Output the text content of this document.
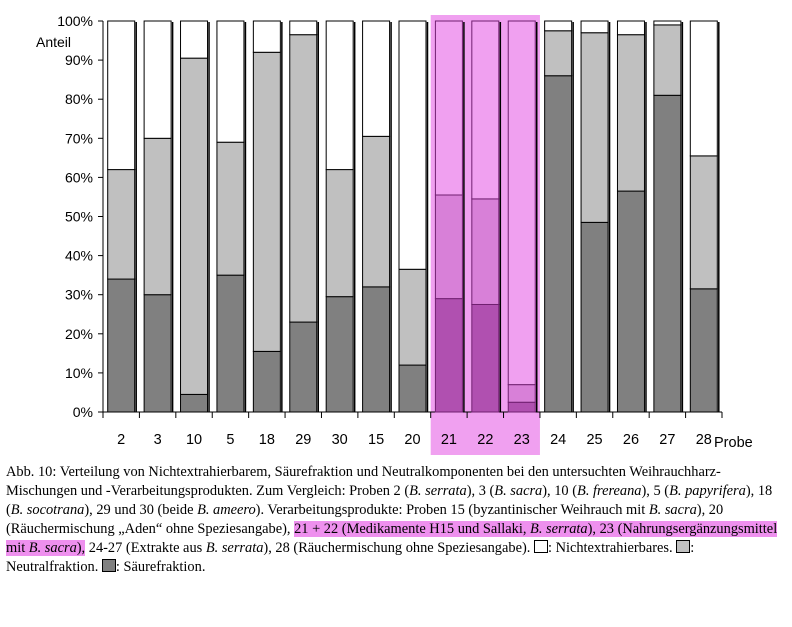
0%
10%
20%
30%
40%
50%
60%
70%
80%
90%
100%
2 3 10 5 18 29 30 15 20 21 22 23 24 25 26 27 28
Anteil
Probe
Abb. 10: Verteilung von Nichtextrahierbarem, Säurefraktion und Neutralkomponenten bei den untersuchten Weihrauchharz-Mischungen und -Verarbeitungsprodukten. Zum Vergleich: Proben 2 (B. serrata), 3 (B. sacra), 10 (B. frereana), 5 (B. papyrifera), 18 (B. socotrana), 29 und 30 (beide B. ameero). Verarbeitungsprodukte: Proben 15 (byzantinischer Weihrauch mit B. sacra), 20 (Räuchermischung „Aden“ ohne Speziesangabe), 21 + 22 (Medikamente H15 und Sallaki, B. serrata), 23 (Nahrungsergänzungsmittel mit B. sacra), 24-27 (Extrakte aus B. serrata), 28 (Räuchermischung ohne Speziesangabe). : Nichtextrahierbares. : Neutralfraktion. : Säurefraktion.
